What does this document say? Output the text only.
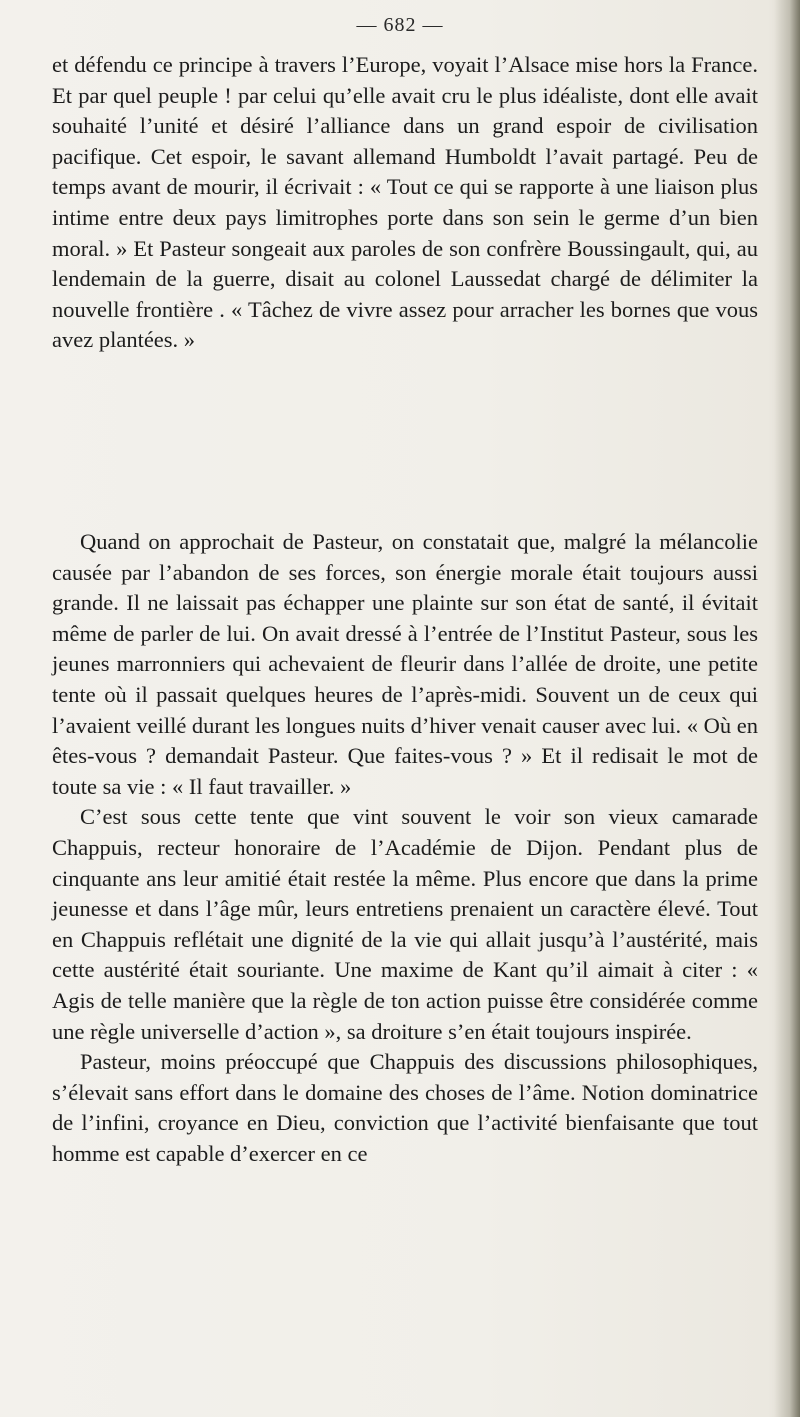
— 682 —

et défendu ce principe à travers l’Europe, voyait l’Alsace mise hors la France. Et par quel peuple ! par celui qu’elle avait cru le plus idéaliste, dont elle avait souhaité l’unité et désiré l’alliance dans un grand espoir de civilisation pacifique. Cet espoir, le savant allemand Humboldt l’avait partagé. Peu de temps avant de mourir, il écrivait : « Tout ce qui se rapporte à une liaison plus intime entre deux pays limitrophes porte dans son sein le germe d’un bien moral. » Et Pasteur songeait aux paroles de son confrère Boussingault, qui, au lendemain de la guerre, disait au colonel Laussedat chargé de délimiter la nouvelle frontière . « Tâchez de vivre assez pour arracher les bornes que vous avez plantées. »

Quand on approchait de Pasteur, on constatait que, malgré la mélancolie causée par l’abandon de ses forces, son énergie morale était toujours aussi grande. Il ne laissait pas échapper une plainte sur son état de santé, il évitait même de parler de lui. On avait dressé à l’entrée de l’Institut Pasteur, sous les jeunes marronniers qui achevaient de fleurir dans l’allée de droite, une petite tente où il passait quelques heures de l’après-midi. Souvent un de ceux qui l’avaient veillé durant les longues nuits d’hiver venait causer avec lui. « Où en êtes-vous ? demandait Pasteur. Que faites-vous ? » Et il redisait le mot de toute sa vie : « Il faut travailler. »

C’est sous cette tente que vint souvent le voir son vieux camarade Chappuis, recteur honoraire de l’Académie de Dijon. Pendant plus de cinquante ans leur amitié était restée la même. Plus encore que dans la prime jeunesse et dans l’âge mûr, leurs entretiens prenaient un caractère élevé. Tout en Chappuis reflétait une dignité de la vie qui allait jusqu’à l’austérité, mais cette austérité était souriante. Une maxime de Kant qu’il aimait à citer : « Agis de telle manière que la règle de ton action puisse être considérée comme une règle universelle d’action », sa droiture s’en était toujours inspirée.

Pasteur, moins préoccupé que Chappuis des discussions philosophiques, s’élevait sans effort dans le domaine des choses de l’âme. Notion dominatrice de l’infini, croyance en Dieu, conviction que l’activité bienfaisante que tout homme est capable d’exercer en ce
